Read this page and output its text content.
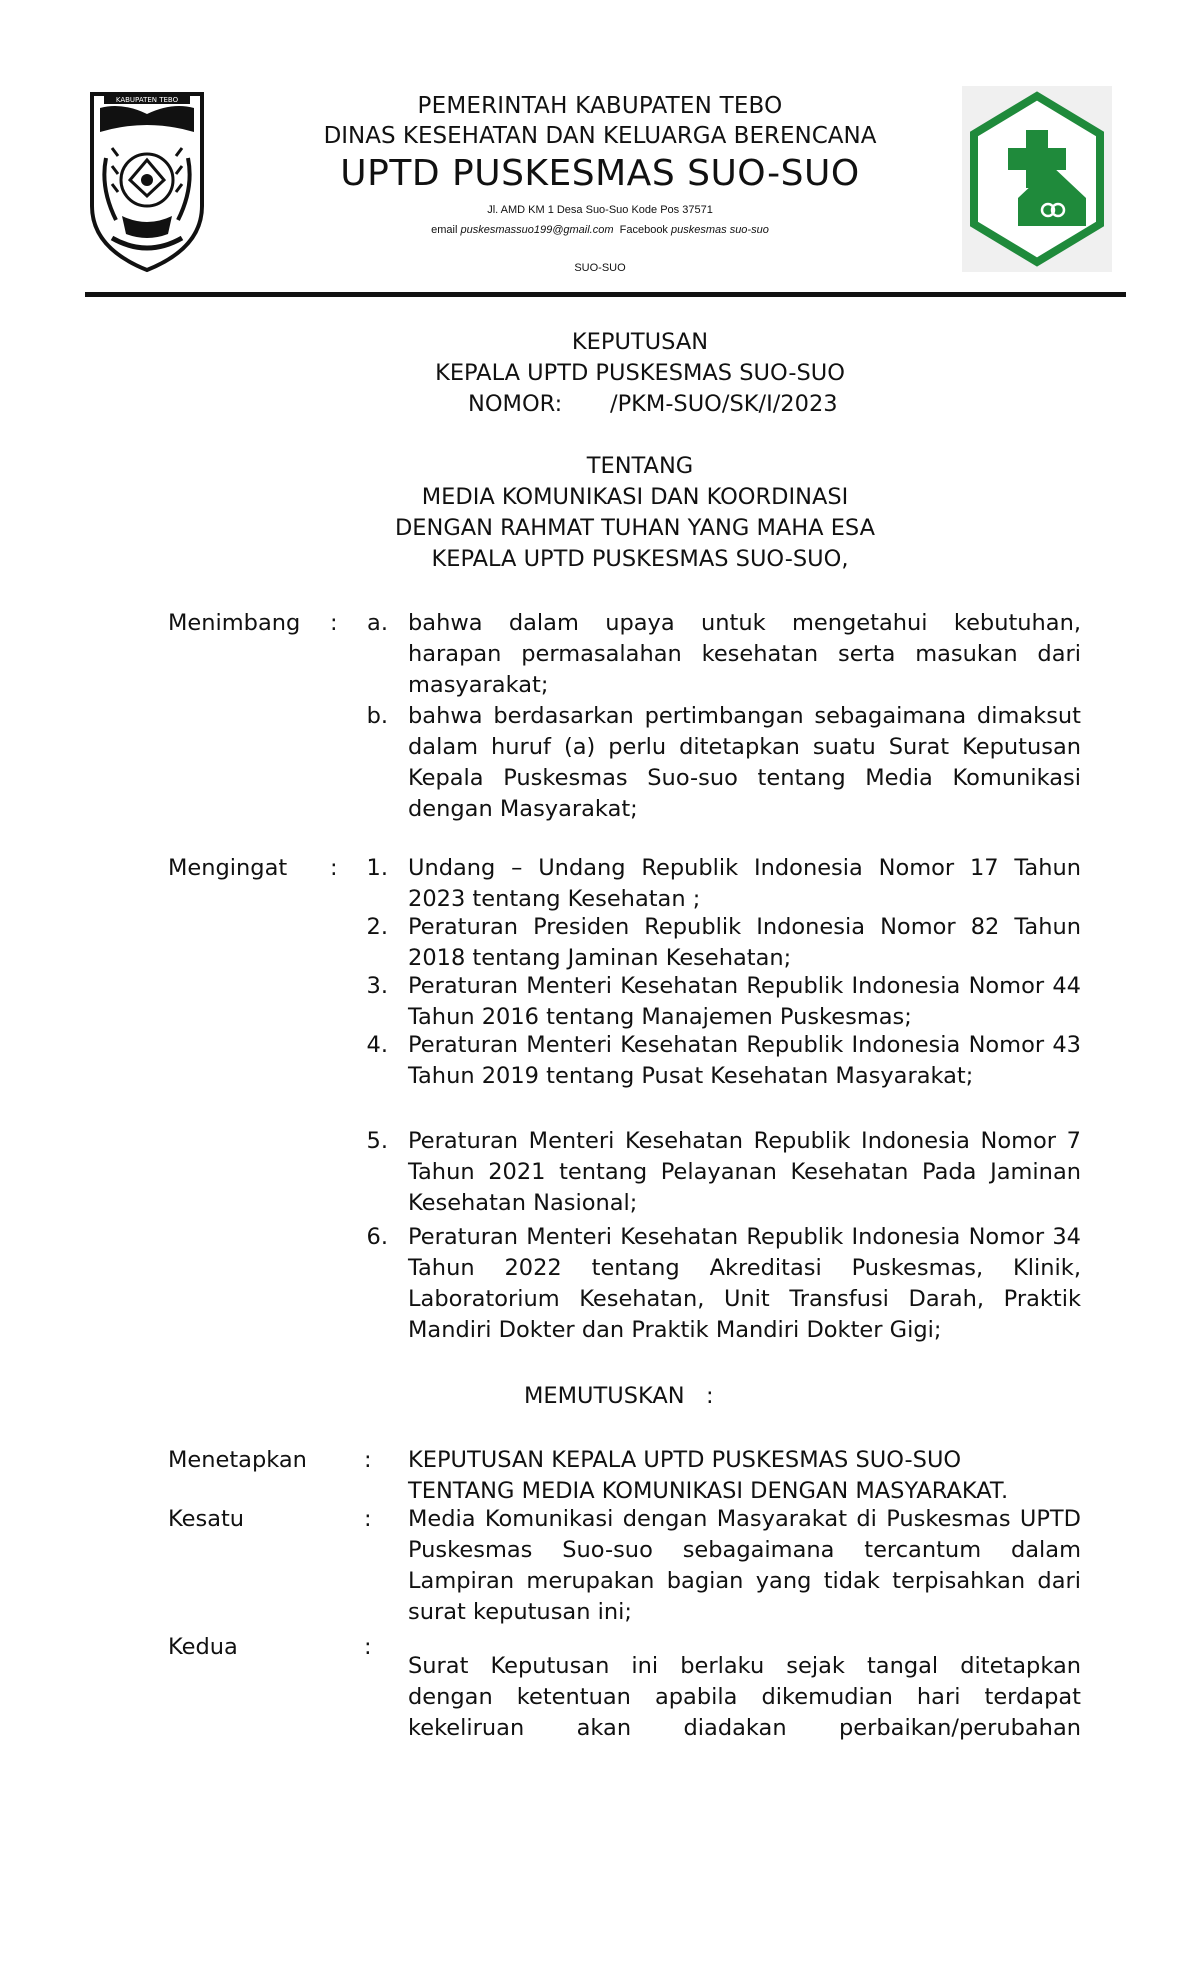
KABUPATEN TEBO	PEMERINTAH KABUPATEN TEBO
DINAS KESEHATAN DAN KELUARGA BERENCANA
UPTD PUSKESMAS SUO-SUO
Jl. AMD KM 1 Desa Suo-Suo Kode Pos 37571
email puskesmassuo199@gmail.com  Facebook puskesmas suo-suo
SUO-SUO
KEPUTUSAN
KEPALA UPTD PUSKESMAS SUO-SUO
NOMOR: /PKM-SUO/SK/I/2023
TENTANG
MEDIA KOMUNIKASI DAN KOORDINASI
DENGAN RAHMAT TUHAN YANG MAHA ESA
KEPALA UPTD PUSKESMAS SUO-SUO,
Menimbang : a. bahwa dalam upaya untuk mengetahui kebutuhan, harapan permasalahan kesehatan serta masukan dari masyarakat;
b. bahwa berdasarkan pertimbangan sebagaimana dimaksut dalam huruf (a) perlu ditetapkan suatu Surat Keputusan Kepala Puskesmas Suo-suo tentang Media Komunikasi dengan Masyarakat;
Mengingat : 1. Undang – Undang Republik Indonesia Nomor 17 Tahun 2023 tentang Kesehatan ;
2. Peraturan Presiden Republik Indonesia Nomor 82 Tahun 2018 tentang Jaminan Kesehatan;
3. Peraturan Menteri Kesehatan Republik Indonesia Nomor 44 Tahun 2016 tentang Manajemen Puskesmas;
4. Peraturan Menteri Kesehatan Republik Indonesia Nomor 43 Tahun 2019 tentang Pusat Kesehatan Masyarakat;
5. Peraturan Menteri Kesehatan Republik Indonesia Nomor 7 Tahun 2021 tentang Pelayanan Kesehatan Pada Jaminan Kesehatan Nasional;
6. Peraturan Menteri Kesehatan Republik Indonesia Nomor 34 Tahun 2022 tentang Akreditasi Puskesmas, Klinik, Laboratorium Kesehatan, Unit Transfusi Darah, Praktik Mandiri Dokter dan Praktik Mandiri Dokter Gigi;
MEMUTUSKAN   :
Menetapkan	: KEPUTUSAN KEPALA UPTD PUSKESMAS SUO-SUO
TENTANG MEDIA KOMUNIKASI DENGAN MASYARAKAT.
Kesatu	: Media Komunikasi dengan Masyarakat di Puskesmas UPTD Puskesmas Suo-suo sebagaimana tercantum dalam Lampiran merupakan bagian yang tidak terpisahkan dari surat keputusan ini;
Kedua	:
Surat Keputusan ini berlaku sejak tangal ditetapkan dengan ketentuan apabila dikemudian hari terdapat kekeliruan akan diadakan perbaikan/perubahan
